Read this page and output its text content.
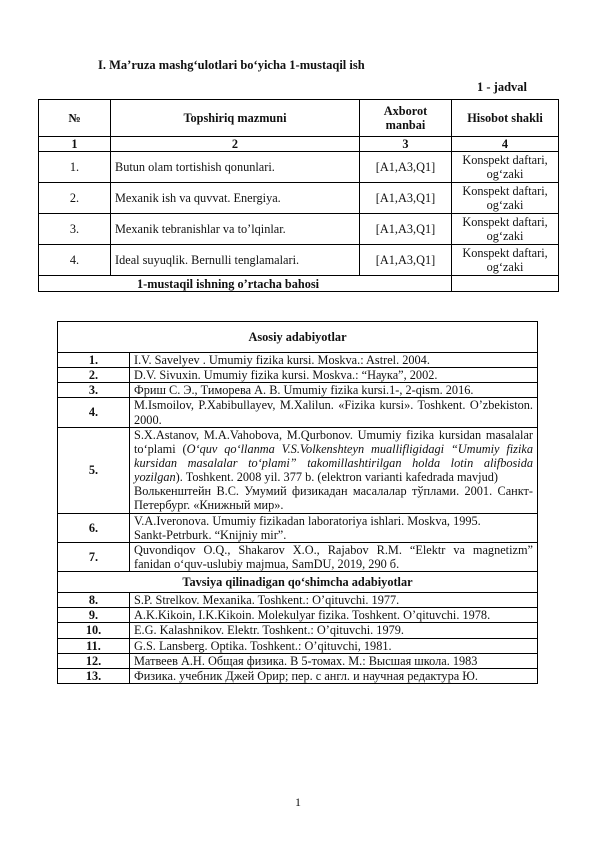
I. Ma’ruza mashg‘ulotlari bo‘yicha 1-mustaqil ish
1 - jadval
№	Topshiriq mazmuni	Axborot manbai	Hisobot shakli
1	2	3	4
1.	Butun olam tortishish qonunlari.	[A1,A3,Q1]	Konspekt daftari, og‘zaki
2.	Mexanik ish va quvvat. Energiya.	[A1,A3,Q1]	Konspekt daftari, og‘zaki
3.	Mexanik tebranishlar va to’lqinlar.	[A1,A3,Q1]	Konspekt daftari, og‘zaki
4.	Ideal suyuqlik. Bernulli tenglamalari.	[A1,A3,Q1]	Konspekt daftari, og‘zaki
1-mustaqil ishning o’rtacha bahosi			
Asosiy adabiyotlar	
1.	I.V. Savelyev . Umumiy fizika kursi. Moskva.: Astrel. 2004.
2.	D.V. Sivuxin. Umumiy fizika kursi. Moskva.: “Наука”, 2002.
3.	Фриш С. Э., Тиморева А. В. Umumiy fizika kursi.1-, 2-qism. 2016.
4.	M.Ismoilov, P.Xabibullayev, M.Xalilun. «Fizika kursi». Toshkent. O’zbekiston. 2000.
5.	S.X.Astanov, M.A.Vahobova, M.Qurbonov. Umumiy fizika kursidan masalalar to‘plami (O‘quv qo‘llanma V.S.Volkenshteyn muallifligidagi “Umumiy fizika kursidan masalalar to‘plami” takomillashtirilgan holda lotin alifbosida yozilgan). Toshkent. 2008 yil. 377 b. (elektron varianti kafedrada mavjud)
Волькенштейн B.C. Умумий физикадан масалалар тўплами. 2001. Санкт-Петербург. «Книжный мир».

6.	V.A.Iveronova. Umumiy fizikadan laboratoriya ishlari. Moskva, 1995.
Sankt-Petrburk. “Knijniy mir”.

7.	Quvondiqov O.Q., Shakarov X.O., Rajabov R.M. “Elektr va magnetizm” fanidan o‘quv-uslubiy majmua, SamDU, 2019, 290 б.
Tavsiya qilinadigan qo‘shimcha adabiyotlar	
8.	S.P. Strelkov. Mexanika. Toshkent.: O’qituvchi. 1977.
9.	A.K.Kikoin, I.K.Kikoin. Molekulyar fizika. Toshkent. O’qituvchi. 1978.
10.	E.G. Kalashnikov. Elektr. Toshkent.: O’qituvchi. 1979.
11.	G.S. Lansberg. Optika. Toshkent.: O’qituvchi, 1981.
12.	Матвеев А.Н. Общая физика. В 5-томах. М.: Высшая школа. 1983
13.	Физика. учебник Джей Орир; пер. с англ. и научная редактура Ю.
1
